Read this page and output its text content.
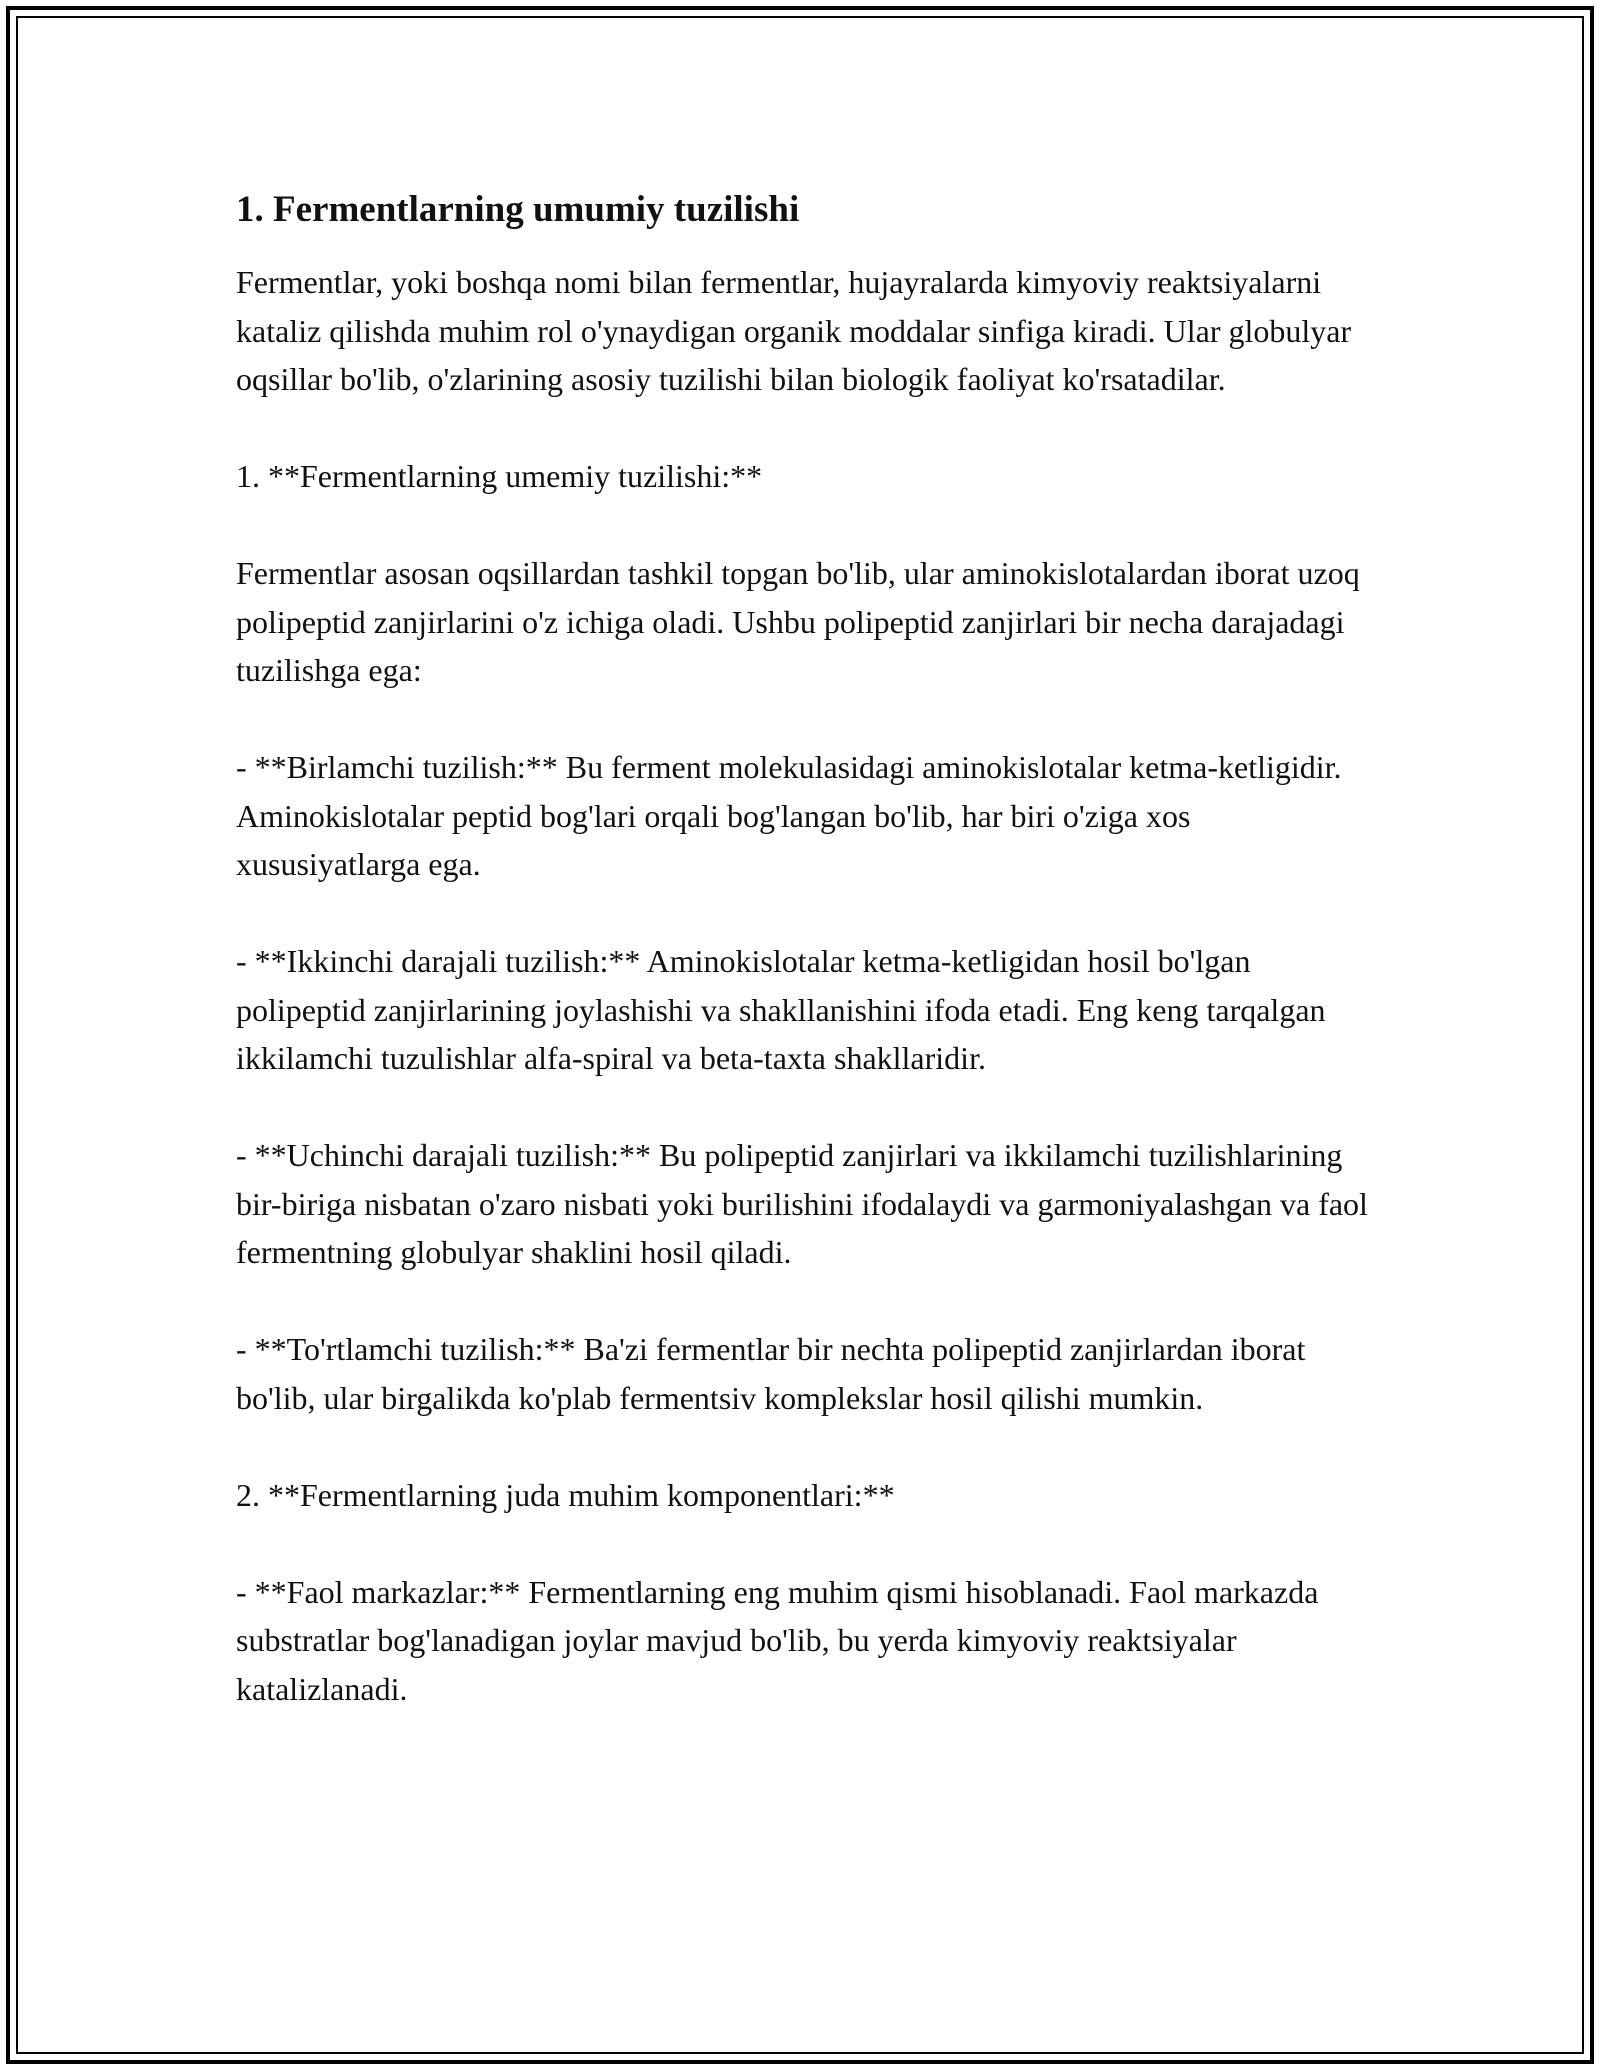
1. Fermentlarning umumiy tuzilishi

Fermentlar, yoki boshqa nomi bilan fermentlar, hujayralarda kimyoviy reaktsiyalarni kataliz qilishda muhim rol o'ynaydigan organik moddalar sinfiga kiradi. Ular globulyar oqsillar bo'lib, o'zlarining asosiy tuzilishi bilan biologik faoliyat ko'rsatadilar.

1. **Fermentlarning umemiy tuzilishi:**

Fermentlar asosan oqsillardan tashkil topgan bo'lib, ular aminokislotalardan iborat uzoq polipeptid zanjirlarini o'z ichiga oladi. Ushbu polipeptid zanjirlari bir necha darajadagi tuzilishga ega:

- **Birlamchi tuzilish:** Bu ferment molekulasidagi aminokislotalar ketma-ketligidir. Aminokislotalar peptid bog'lari orqali bog'langan bo'lib, har biri o'ziga xos xususiyatlarga ega.

- **Ikkinchi darajali tuzilish:** Aminokislotalar ketma-ketligidan hosil bo'lgan polipeptid zanjirlarining joylashishi va shakllanishini ifoda etadi. Eng keng tarqalgan ikkilamchi tuzulishlar alfa-spiral va beta-taxta shakllaridir.

- **Uchinchi darajali tuzilish:** Bu polipeptid zanjirlari va ikkilamchi tuzilishlarining bir-biriga nisbatan o'zaro nisbati yoki burilishini ifodalaydi va garmoniyalashgan va faol fermentning globulyar shaklini hosil qiladi.

- **To'rtlamchi tuzilish:** Ba'zi fermentlar bir nechta polipeptid zanjirlardan iborat bo'lib, ular birgalikda ko'plab fermentsiv komplekslar hosil qilishi mumkin.

2. **Fermentlarning juda muhim komponentlari:**

- **Faol markazlar:** Fermentlarning eng muhim qismi hisoblanadi. Faol markazda substratlar bog'lanadigan joylar mavjud bo'lib, bu yerda kimyoviy reaktsiyalar katalizlanadi.
